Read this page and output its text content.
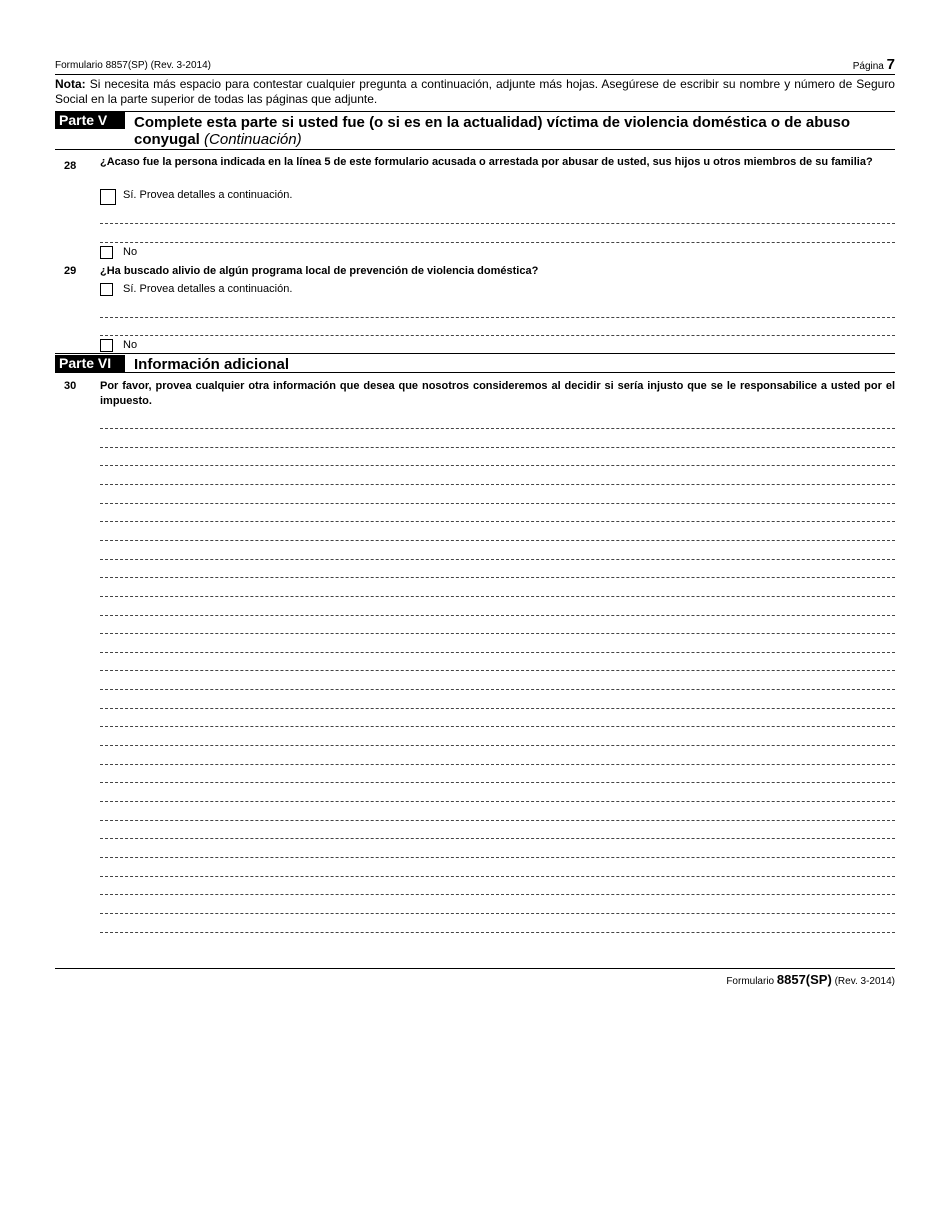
Formulario 8857(SP) (Rev. 3-2014)	Página 7
Nota: Si necesita más espacio para contestar cualquier pregunta a continuación, adjunte más hojas. Asegúrese de escribir su nombre y número de Seguro Social en la parte superior de todas las páginas que adjunte.
Parte V	Complete esta parte si usted fue (o si es en la actualidad) víctima de violencia doméstica o de abuso
conyugal (Continuación)
28 ¿Acaso fue la persona indicada en la línea 5 de este formulario acusada o arrestada por abusar de usted, sus hijos u otros miembros de su familia?
Sí. Provea detalles a continuación.
No
29 ¿Ha buscado alivio de algún programa local de prevención de violencia doméstica?
Sí. Provea detalles a continuación.
No
Parte VI	Información adicional
30 Por favor, provea cualquier otra información que desea que nosotros consideremos al decidir si sería injusto que se le responsabilice a usted por el impuesto.
Formulario 8857(SP) (Rev. 3-2014)
